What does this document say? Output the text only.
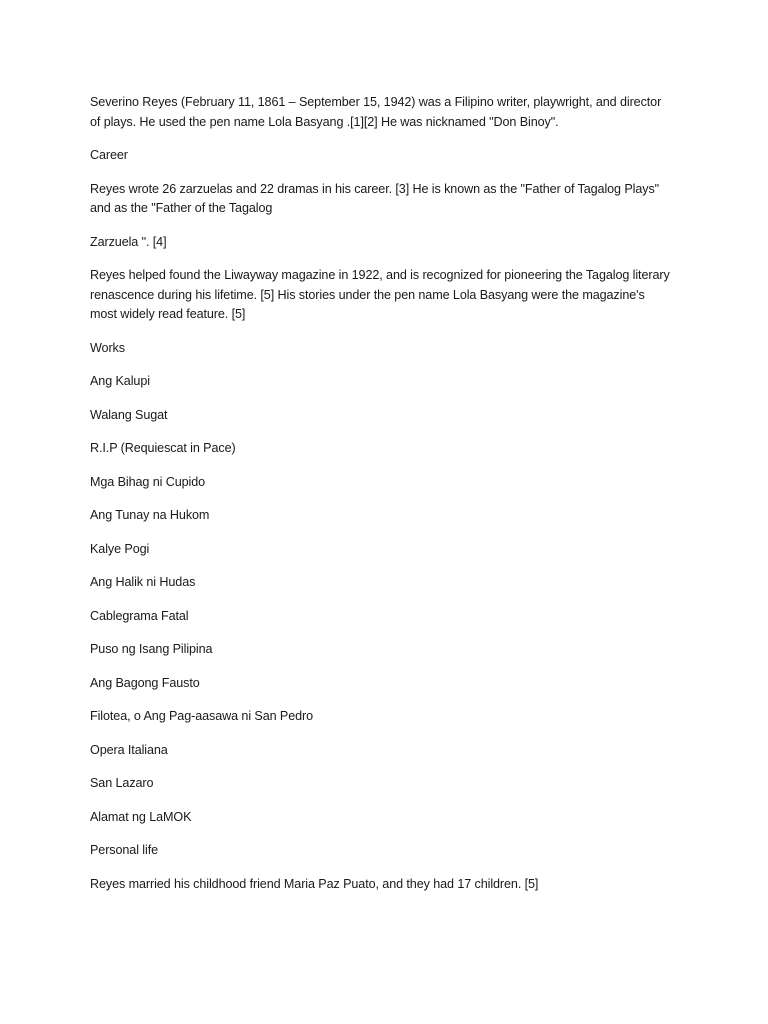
Severino Reyes (February 11, 1861 – September 15, 1942) was a Filipino writer, playwright, and director
of plays. He used the pen name Lola Basyang .[1][2] He was nicknamed "Don Binoy".

Career

Reyes wrote 26 zarzuelas and 22 dramas in his career. [3] He is known as the "Father of Tagalog Plays"
and as the "Father of the Tagalog

Zarzuela ". [4]

Reyes helped found the Liwayway magazine in 1922, and is recognized for pioneering the Tagalog literary
renascence during his lifetime. [5] His stories under the pen name Lola Basyang were the magazine's
most widely read feature. [5]

Works

Ang Kalupi

Walang Sugat

R.I.P (Requiescat in Pace)

Mga Bihag ni Cupido

Ang Tunay na Hukom

Kalye Pogi

Ang Halik ni Hudas

Cablegrama Fatal

Puso ng Isang Pilipina

Ang Bagong Fausto

Filotea, o Ang Pag-aasawa ni San Pedro

Opera Italiana

San Lazaro

Alamat ng LaMOK

Personal life

Reyes married his childhood friend Maria Paz Puato, and they had 17 children. [5]
